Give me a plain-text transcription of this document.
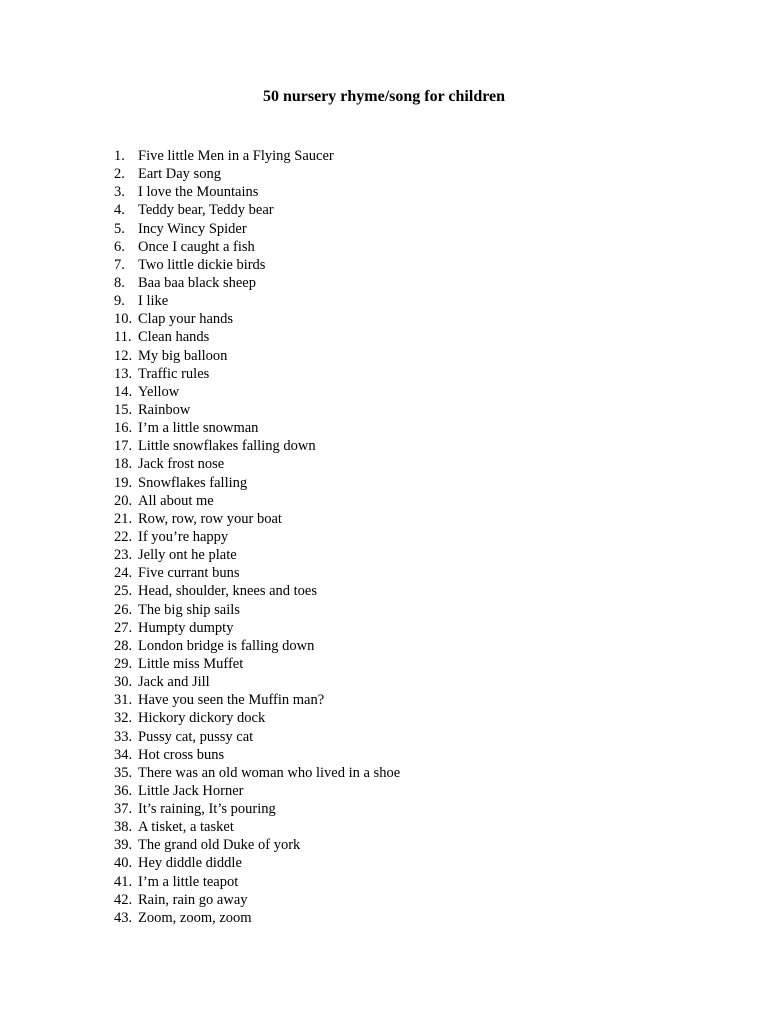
50 nursery rhyme/song for children
1. Five little Men in a Flying Saucer
2. Eart Day song
3. I love the Mountains
4. Teddy bear, Teddy bear
5. Incy Wincy Spider
6. Once I caught a fish
7. Two little dickie birds
8. Baa baa black sheep
9. I like
10. Clap your hands
11. Clean hands
12. My big balloon
13. Traffic rules
14. Yellow
15. Rainbow
16. I’m a little snowman
17. Little snowflakes falling down
18. Jack frost nose
19. Snowflakes falling
20. All about me
21. Row, row, row your boat
22. If you’re happy
23. Jelly ont he plate
24. Five currant buns
25. Head, shoulder, knees and toes
26. The big ship sails
27. Humpty dumpty
28. London bridge is falling down
29. Little miss Muffet
30. Jack and Jill
31. Have you seen the Muffin man?
32. Hickory dickory dock
33. Pussy cat, pussy cat
34. Hot cross buns
35. There was an old woman who lived in a shoe
36. Little Jack Horner
37. It’s raining, It’s pouring
38. A tisket, a tasket
39. The grand old Duke of york
40. Hey diddle diddle
41. I’m a little teapot
42. Rain, rain go away
43. Zoom, zoom, zoom
